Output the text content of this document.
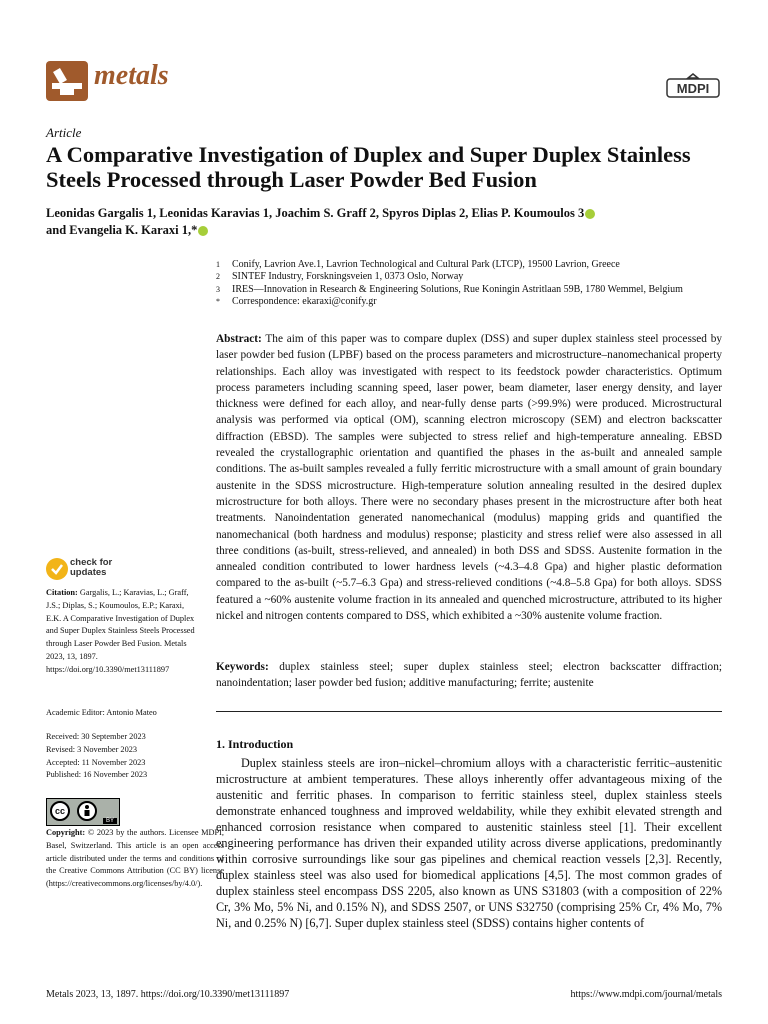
metals	MDPI
Article
A Comparative Investigation of Duplex and Super Duplex Stainless Steels Processed through Laser Powder Bed Fusion
Leonidas Gargalis 1, Leonidas Karavias 1, Joachim S. Graff 2, Spyros Diplas 2, Elias P. Koumoulos 3
and Evangelia K. Karaxi 1,*
1	Conify, Lavrion Ave.1, Lavrion Technological and Cultural Park (LTCP), 19500 Lavrion, Greece
2	SINTEF Industry, Forskningsveien 1, 0373 Oslo, Norway
3	IRES—Innovation in Research & Engineering Solutions, Rue Koningin Astritlaan 59B, 1780 Wemmel, Belgium
*	Correspondence: ekaraxi@conify.gr
Abstract: The aim of this paper was to compare duplex (DSS) and super duplex stainless steel processed by laser powder bed fusion (LPBF) based on the process parameters and microstructure–nanomechanical property relationships. Each alloy was investigated with respect to its feedstock powder characteristics. Optimum process parameters including scanning speed, laser power, beam diameter, laser energy density, and layer thickness were defined for each alloy, and near-fully dense parts (>99.9%) were produced. Microstructural analysis was performed via optical (OM), scanning electron microscopy (SEM) and electron backscatter diffraction (EBSD). The samples were subjected to stress relief and high-temperature annealing. EBSD revealed the crystallographic orientation and quantified the phases in the as-built and annealed sample conditions. The as-built samples revealed a fully ferritic microstructure with a small amount of grain boundary austenite in the SDSS microstructure. High-temperature solution annealing resulted in the desired duplex microstructure for both alloys. There were no secondary phases present in the microstructure after both heat treatments. Nanoindentation generated nanomechanical (modulus) mapping grids and quantified the nanomechanical (both hardness and modulus) response; plasticity and stress relief were also assessed in all three conditions (as-built, stress-relieved, and annealed) in both DSS and SDSS. Austenite formation in the annealed condition contributed to lower hardness levels (~4.3–4.8 Gpa) and higher plastic deformation compared to the as-built (~5.7–6.3 Gpa) and stress-relieved conditions (~4.8–5.8 Gpa) for both alloys. SDSS featured a ~60% austenite volume fraction in its annealed and quenched microstructure, attributed to its higher nickel and nitrogen contents compared to DSS, which exhibited a ~30% austenite volume fraction.
Keywords: duplex stainless steel; super duplex stainless steel; electron backscatter diffraction; nanoindentation; laser powder bed fusion; additive manufacturing; ferrite; austenite
1. Introduction
Duplex stainless steels are iron–nickel–chromium alloys with a characteristic ferritic–austenitic microstructure at ambient temperatures. These alloys inherently offer advantageous mixing of the austenitic and ferritic phases. In comparison to ferritic stainless steel, duplex stainless steels demonstrate enhanced toughness and improved weldability, while they exhibit elevated strength and enhanced corrosion resistance when compared to austenitic stainless steel [1]. Their excellent engineering performance has driven their expanded utility across diverse applications, predominantly within corrosive surroundings like sour gas pipelines and chemical reaction vessels [2,3]. Recently, duplex stainless steel was also used for biomedical applications [4,5]. The most common grades of duplex stainless steel encompass DSS 2205, also known as UNS S31803 (with a composition of 22% Cr, 3% Mo, 5% Ni, and 0.15% N), and SDSS 2507, or UNS S32750 (comprising 25% Cr, 4% Mo, 7% Ni, and 0.25% N) [6,7]. Super duplex stainless steel (SDSS) contains higher contents of
check for
updates
Citation: Gargalis, L.; Karavias, L.; Graff, J.S.; Diplas, S.; Koumoulos, E.P.; Karaxi, E.K. A Comparative Investigation of Duplex and Super Duplex Stainless Steels Processed through Laser Powder Bed Fusion. Metals 2023, 13, 1897. https://doi.org/10.3390/met13111897
Academic Editor: Antonio Mateo
Received: 30 September 2023
Revised: 3 November 2023
Accepted: 11 November 2023
Published: 16 November 2023
cc
BY
Copyright: © 2023 by the authors. Licensee MDPI, Basel, Switzerland. This article is an open access article distributed under the terms and conditions of the Creative Commons Attribution (CC BY) license (https://creativecommons.org/licenses/by/4.0/).
Metals 2023, 13, 1897. https://doi.org/10.3390/met13111897	https://www.mdpi.com/journal/metals
